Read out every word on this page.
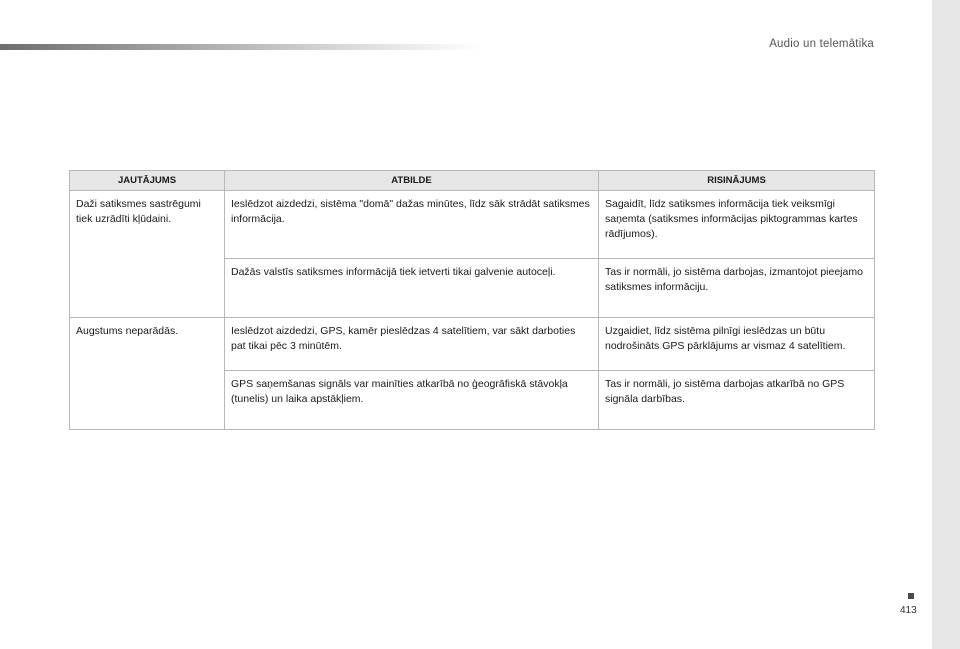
Audio un telemātika
JAUTĀJUMS	ATBILDE	RISINĀJUMS
Daži satiksmes sastrēgumi tiek uzrādīti kļūdaini.	Ieslēdzot aizdedzi, sistēma "domā" dažas minūtes, līdz sāk strādāt satiksmes informācija.	Sagaidīt, līdz satiksmes informācija tiek veiksmīgi saņemta (satiksmes informācijas piktogrammas kartes rādījumos).
	Dažās valstīs satiksmes informācijā tiek ietverti tikai galvenie autoceļi.	Tas ir normāli, jo sistēma darbojas, izmantojot pieejamo satiksmes informāciju.
Augstums neparādās.	Ieslēdzot aizdedzi, GPS, kamēr pieslēdzas 4 satelītiem, var sākt darboties pat tikai pēc 3 minūtēm.	Uzgaidiet, līdz sistēma pilnīgi ieslēdzas un būtu nodrošināts GPS pārklājums ar vismaz 4 satelītiem.
	GPS saņemšanas signāls var mainīties atkarībā no ģeogrāfiskā stāvokļa (tunelis) un laika apstākļiem.	Tas ir normāli, jo sistēma darbojas atkarībā no GPS signāla darbības.
413
